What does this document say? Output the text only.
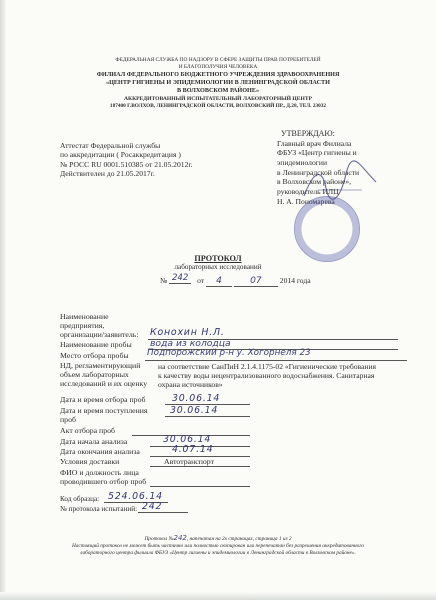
ФЕДЕРАЛЬНАЯ СЛУЖБА ПО НАДЗОРУ В СФЕРЕ ЗАЩИТЫ ПРАВ ПОТРЕБИТЕЛЕЙ
И БЛАГОПОЛУЧИЯ ЧЕЛОВЕКА
ФИЛИАЛ ФЕДЕРАЛЬНОГО БЮДЖЕТНОГО УЧРЕЖДЕНИЯ ЗДРАВООХРАНЕНИЯ
«ЦЕНТР ГИГИЕНЫ И ЭПИДЕМИОЛОГИИ В ЛЕНИНГРАДСКОЙ ОБЛАСТИ
В ВОЛХОВСКОМ РАЙОНЕ»
АККРЕДИТОВАННЫЙ ИСПЫТАТЕЛЬНЫЙ ЛАБОРАТОРНЫЙ ЦЕНТР
187400 Г.ВОЛХОВ, ЛЕНИНГРАДСКОЙ ОБЛАСТИ, ВОЛХОВСКИЙ ПР., Д.28, ТЕЛ. 23032
Аттестат Федеральной службы
по аккредитации ( Росаккредитация )
№ РОСС RU 0001.510385 от 21.05.2012г.
Действителен до 21.05.2017г.
УТВЕРЖДАЮ:
Главный врач Филиала
ФБУЗ «Центр гигиены и
эпидемиологии
в Ленинградской области
в Волховском районе»,
руководитель ИЛЦ
Н. А. Пономарева
ПРОТОКОЛ
лабораторных исследований
№ 242 от 4	07 2014 года
Наименование
предприятия,
организации/заявитель: Конохин Н.Л.
Наименование пробы вода из колодца
Место отбора пробы Подпорожский р-н у. Хогорнеля 23
НД, регламентирующий
объем лабораторных
исследований и их оценку
на соответствие СанПиН 2.1.4.1175-02 «Гигиенические требования
к качеству воды нецентрализованного водоснабжения. Санитарная
охрана источников»
Дата и время отбора проб	30.06.14
Дата и время поступления
проб
30.06.14
Акт отбора проб
Дата начала анализа	30.06.14
Дата окончания анализа	4.07.14
Условия доставки	Автотранспорт
ФИО и должность лица
проводившего отбор проб
Код образца: 524.06.14
№ протокола испытаний: 242
Протокол №242, напечатан на 2х страницах, страница 1 из 2
Настоящий протокол не может быть частично или полностью скопирован или перепечатан без разрешения аккредитованного
лабораторного центра филиала ФБУЗ «Центр гигиены и эпидемиологии в Ленинградской области в Волховском районе».
